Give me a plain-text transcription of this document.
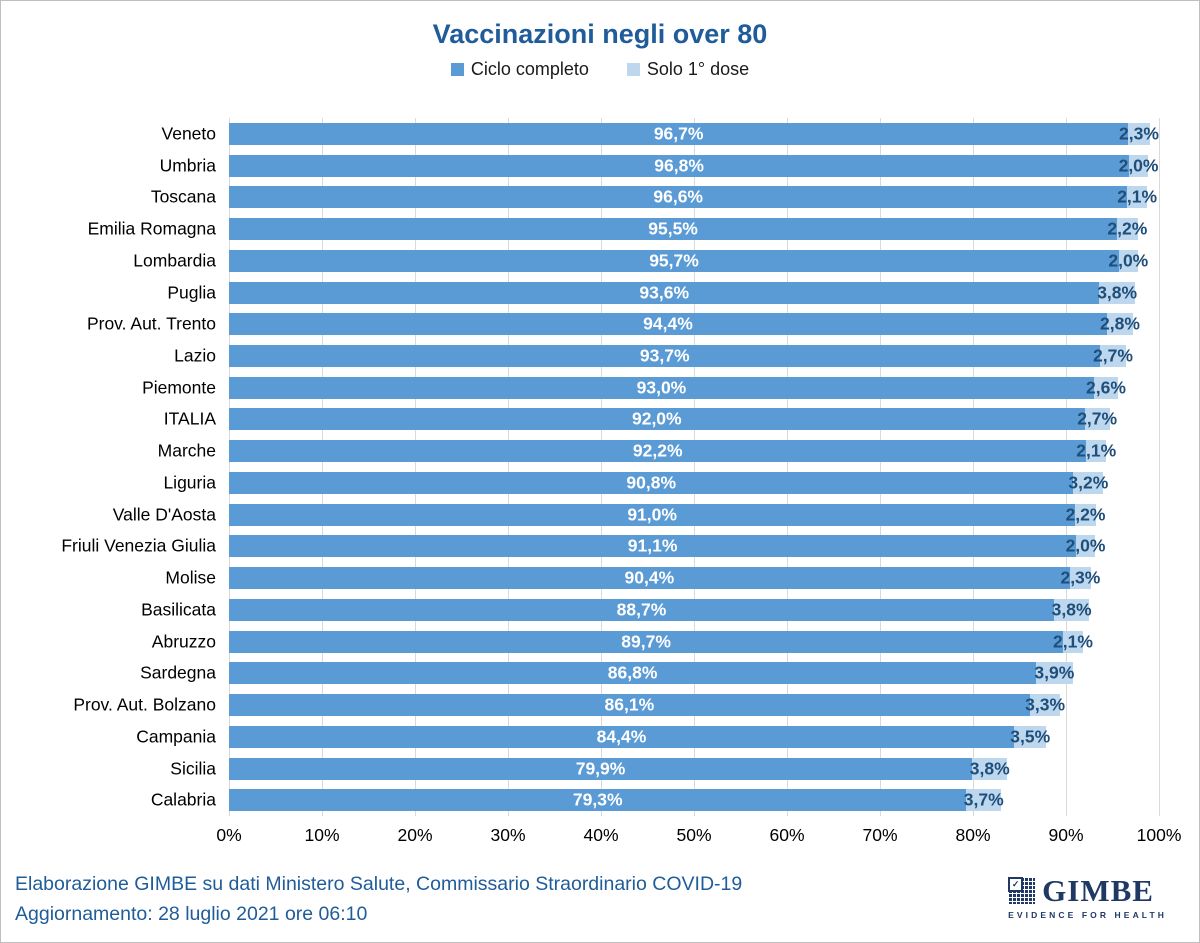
Vaccinazioni negli over 80
Ciclo completo	Solo 1° dose
Veneto	96,7%	2,3%
Umbria	96,8%	2,0%
Toscana	96,6%	2,1%
Emilia Romagna	95,5%	2,2%
Lombardia	95,7%	2,0%
Puglia	93,6%	3,8%
Prov. Aut. Trento	94,4%	2,8%
Lazio	93,7%	2,7%
Piemonte	93,0%	2,6%
ITALIA	92,0%	2,7%
Marche	92,2%	2,1%
Liguria	90,8%	3,2%
Valle D'Aosta	91,0%	2,2%
Friuli Venezia Giulia	91,1%	2,0%
Molise	90,4%	2,3%
Basilicata	88,7%	3,8%
Abruzzo	89,7%	2,1%
Sardegna	86,8%	3,9%
Prov. Aut. Bolzano	86,1%	3,3%
Campania	84,4%	3,5%
Sicilia	79,9%	3,8%
Calabria	79,3%	3,7%
0%	10%	20%	30%	40%	50%	60%	70%	80%	90%	100%
Elaborazione GIMBE su dati Ministero Salute, Commissario Straordinario COVID-19
Aggiornamento: 28 luglio 2021 ore 06:10
✓
GIMBE
EVIDENCE FOR HEALTH
